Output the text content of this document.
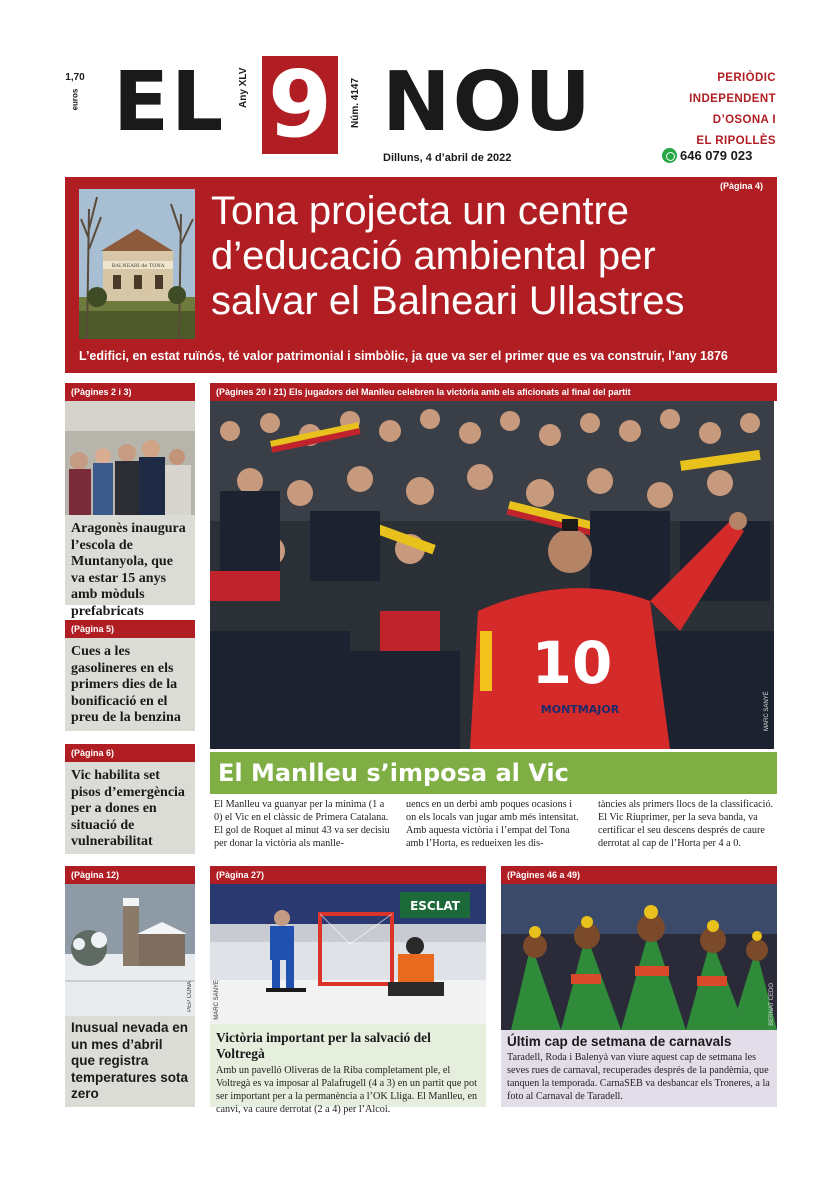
1,70
euros EL Any XLV 9	Núm. 4147 NOU
Dilluns, 4 d’abril de 2022
PERIÒDIC
INDEPENDENT
D’OSONA I
EL RIPOLLÈS
646 079 023
(Pàgina 4)
BALNEARI de TONA
Tona projecta un centre d’educació ambiental per salvar el Balneari Ullastres
L’edifici, en estat ruïnós, té valor patrimonial i simbòlic, ja que va ser el primer que es va construir, l’any 1876
(Pàgines 2 i 3)
Aragonès inaugura l’escola de Muntanyola, que va estar 15 anys amb mòduls prefabricats
(Pàgina 5)
Cues a les gasolineres en els primers dies de la bonificació en el preu de la benzina
(Pàgina 6)
Vic habilita set pisos d’emergència per a dones en situació de vulnerabilitat
(Pàgines 20 i 21) Els jugadors del Manlleu celebren la victòria amb els aficionats al final del partit
10
MONTMAJOR	MARC SANYÉ
El Manlleu s’imposa al Vic

El Manlleu va guanyar per la mínima (1 a 0) el Vic en el clàssic de Primera Catalana. El gol de Roquet al minut 43 va ser decisiu per donar la victòria als manlle-

uencs en un derbi amb poques ocasions i on els locals van jugar amb més intensitat. Amb aquesta victòria i l’empat del Tona amb l’Horta, es redueixen les dis-

tàncies als primers llocs de la classificació. El Vic Riuprimer, per la seva banda, va certificar el seu descens després de caure derrotat al cap de l’Horta per 4 a 0.

(Pàgina 12)
PEP CONA
Inusual nevada en un mes d’abril que registra temperatures sota zero
(Pàgina 27)
ESCLAT
MARC SANYÉ
Victòria important per la salvació del Voltregà
Amb un pavelló Oliveras de la Riba completament ple, el Voltregà es va imposar al Palafrugell (4 a 3) en un partit que pot ser important per a la permanència a l’OK Lliga. El Manlleu, en canvi, va caure derrotat (2 a 4) per l’Alcoi.
(Pàgines 46 a 49)
BERNAT CEDÓ
Últim cap de setmana de carnavals
Taradell, Roda i Balenyà van viure aquest cap de setmana les seves rues de carnaval, recuperades després de la pandèmia, que tanquen la temporada. CarnaSEB va desbancar els Troneres, a la foto al Carnaval de Taradell.
